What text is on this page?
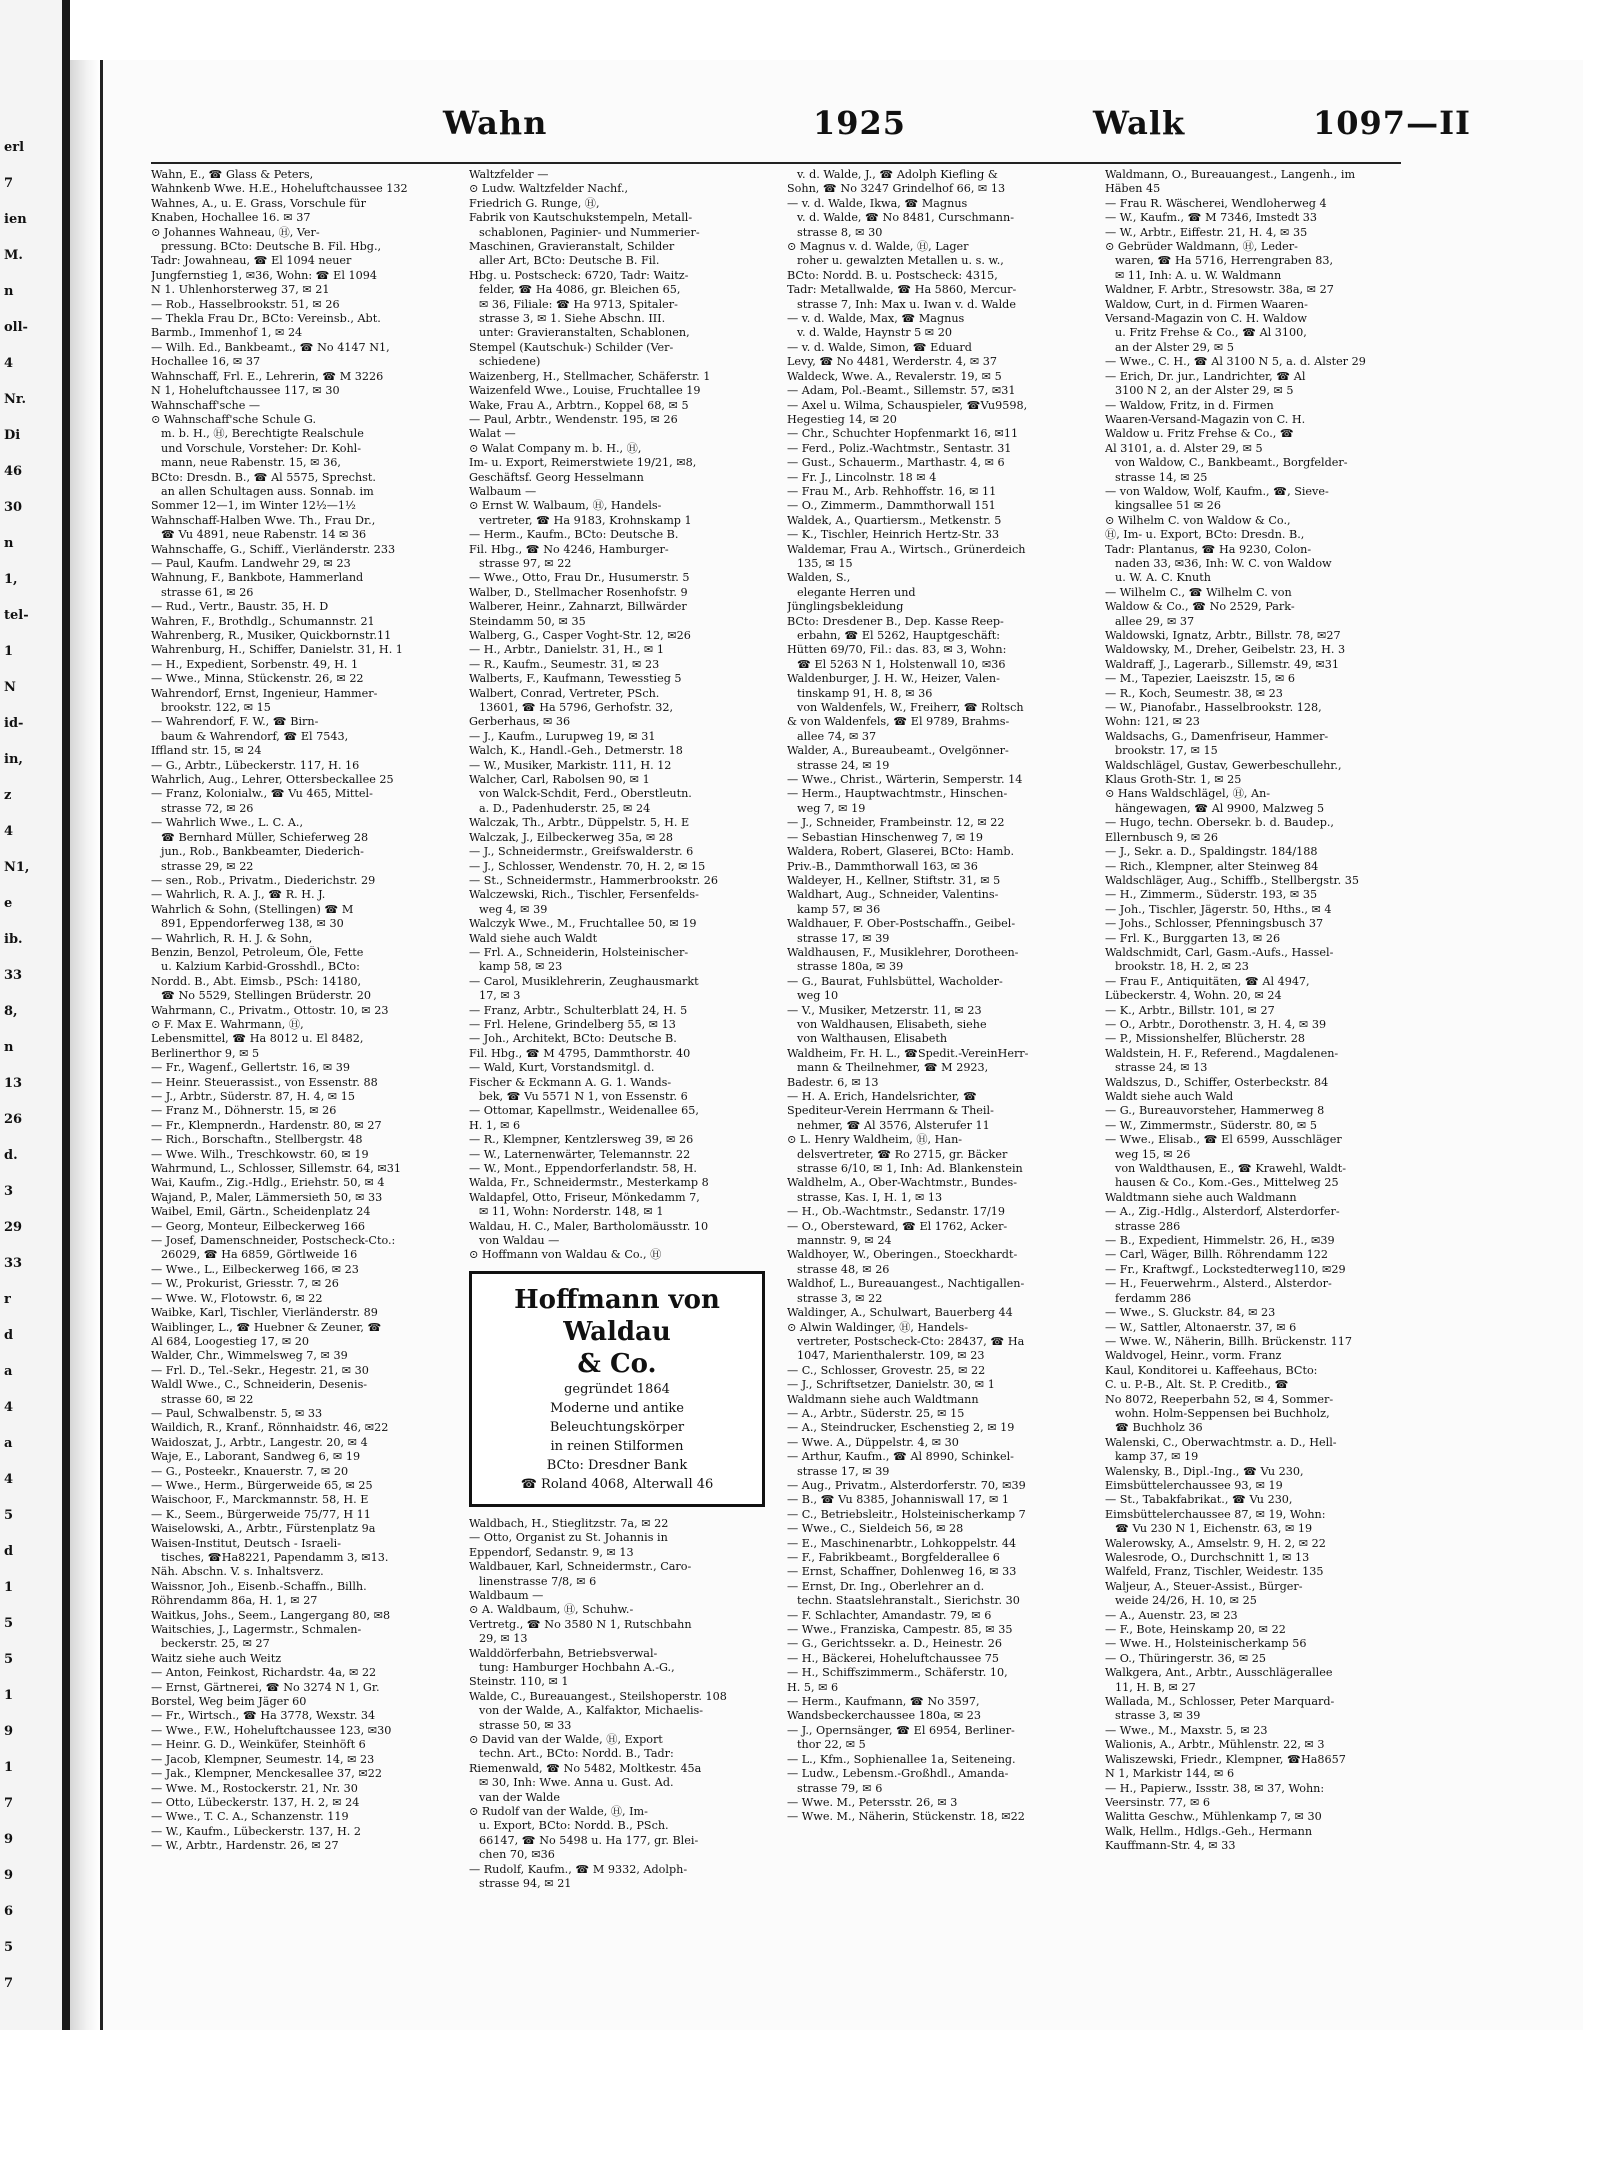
erl
7
ien
M.
n
oll-
4
Nr.
Di
46
30
n
1,
tel-
1
N
id-
in,
z
4
N1,
e
ib.
33
8,
n
13
26
d.
3
29
33
r
d
a
4
a
4
5
d
1
5
5
1
9
1
7
9
9
6
5
7
Wahn	1925	Walk	1097—II
Wahn, E., ☎ Glass & Peters,
Wahnkenb Wwe. H.E., Hoheluftchaussee 132
Wahnes, A., u. E. Grass, Vorschule für
Knaben, Hochallee 16. ✉ 37
⊙ Johannes Wahneau, Ⓗ, Ver-
pressung. BCto: Deutsche B. Fil. Hbg.,
Tadr: Jowahneau, ☎ El 1094 neuer
Jungfernstieg 1, ✉36, Wohn: ☎ El 1094
N 1. Uhlenhorsterweg 37, ✉ 21
— Rob., Hasselbrookstr. 51, ✉ 26
— Thekla Frau Dr., BCto: Vereinsb., Abt.
Barmb., Immenhof 1, ✉ 24
— Wilh. Ed., Bankbeamt., ☎ No 4147 N1,
Hochallee 16, ✉ 37
Wahnschaff, Frl. E., Lehrerin, ☎ M 3226
N 1, Hoheluftchaussee 117, ✉ 30
Wahnschaff'sche —
⊙ Wahnschaff'sche Schule G.
m. b. H., Ⓗ, Berechtigte Realschule
und Vorschule, Vorsteher: Dr. Kohl-
mann, neue Rabenstr. 15, ✉ 36,
BCto: Dresdn. B., ☎ Al 5575, Sprechst.
an allen Schultagen auss. Sonnab. im
Sommer 12—1, im Winter 12½—1½
Wahnschaff-Halben Wwe. Th., Frau Dr.,
☎ Vu 4891, neue Rabenstr. 14 ✉ 36
Wahnschaffe, G., Schiff., Vierländerstr. 233
— Paul, Kaufm. Landwehr 29, ✉ 23
Wahnung, F., Bankbote, Hammerland
strasse 61, ✉ 26
— Rud., Vertr., Baustr. 35, H. D
Wahren, F., Brothdlg., Schumannstr. 21
Wahrenberg, R., Musiker, Quickbornstr.11
Wahrenburg, H., Schiffer, Danielstr. 31, H. 1
— H., Expedient, Sorbenstr. 49, H. 1
— Wwe., Minna, Stückenstr. 26, ✉ 22
Wahrendorf, Ernst, Ingenieur, Hammer-
brookstr. 122, ✉ 15
— Wahrendorf, F. W., ☎ Birn-
baum & Wahrendorf, ☎ El 7543,
Iffland str. 15, ✉ 24
— G., Arbtr., Lübeckerstr. 117, H. 16
Wahrlich, Aug., Lehrer, Ottersbeckallee 25
— Franz, Kolonialw., ☎ Vu 465, Mittel-
strasse 72, ✉ 26
— Wahrlich Wwe., L. C. A.,
☎ Bernhard Müller, Schieferweg 28
jun., Rob., Bankbeamter, Diederich-
strasse 29, ✉ 22
— sen., Rob., Privatm., Diederichstr. 29
— Wahrlich, R. A. J., ☎ R. H. J.
Wahrlich & Sohn, (Stellingen) ☎ M
891, Eppendorferweg 138, ✉ 30
— Wahrlich, R. H. J. & Sohn,
Benzin, Benzol, Petroleum, Öle, Fette
u. Kalzium Karbid-Grosshdl., BCto:
Nordd. B., Abt. Eimsb., PSch: 14180,
☎ No 5529, Stellingen Brüderstr. 20
Wahrmann, C., Privatm., Ottostr. 10, ✉ 23
⊙ F. Max E. Wahrmann, Ⓗ,
Lebensmittel, ☎ Ha 8012 u. El 8482,
Berlinerthor 9, ✉ 5
— Fr., Wagenf., Gellertstr. 16, ✉ 39
— Heinr. Steuerassist., von Essenstr. 88
— J., Arbtr., Süderstr. 87, H. 4, ✉ 15
— Franz M., Döhnerstr. 15, ✉ 26
— Fr., Klempnerdn., Hardenstr. 80, ✉ 27
— Rich., Borschaftn., Stellbergstr. 48
— Wwe. Wilh., Treschkowstr. 60, ✉ 19
Wahrmund, L., Schlosser, Sillemstr. 64, ✉31
Wai, Kaufm., Zig.-Hdlg., Eriehstr. 50, ✉ 4
Wajand, P., Maler, Lämmersieth 50, ✉ 33
Waibel, Emil, Gärtn., Scheidenplatz 24
— Georg, Monteur, Eilbeckerweg 166
— Josef, Damenschneider, Postscheck-Cto.:
26029, ☎ Ha 6859, Görtlweide 16
— Wwe., L., Eilbeckerweg 166, ✉ 23
— W., Prokurist, Griesstr. 7, ✉ 26
— Wwe. W., Flotowstr. 6, ✉ 22
Waibke, Karl, Tischler, Vierländerstr. 89
Waiblinger, L., ☎ Huebner & Zeuner, ☎
Al 684, Loogestieg 17, ✉ 20
Walder, Chr., Wimmelsweg 7, ✉ 39
— Frl. D., Tel.-Sekr., Hegestr. 21, ✉ 30
Waldl Wwe., C., Schneiderin, Desenis-
strasse 60, ✉ 22
— Paul, Schwalbenstr. 5, ✉ 33
Waildich, R., Kranf., Rönnhaidstr. 46, ✉22
Waidoszat, J., Arbtr., Langestr. 20, ✉ 4
Waje, E., Laborant, Sandweg 6, ✉ 19
— G., Posteekr., Knauerstr. 7, ✉ 20
— Wwe., Herm., Bürgerweide 65, ✉ 25
Waischoor, F., Marckmannstr. 58, H. E
— K., Seem., Bürgerweide 75/77, H 11
Waiselowski, A., Arbtr., Fürstenplatz 9a
Waisen-Institut, Deutsch - Israeli-
tisches, ☎Ha8221, Papendamm 3, ✉13.
Näh. Abschn. V. s. Inhaltsverz.
Waissnor, Joh., Eisenb.-Schaffn., Billh.
Röhrendamm 86a, H. 1, ✉ 27
Waitkus, Johs., Seem., Langergang 80, ✉8
Waitschies, J., Lagermstr., Schmalen-
beckerstr. 25, ✉ 27
Waitz siehe auch Weitz
— Anton, Feinkost, Richardstr. 4a, ✉ 22
— Ernst, Gärtnerei, ☎ No 3274 N 1, Gr.
Borstel, Weg beim Jäger 60
— Fr., Wirtsch., ☎ Ha 3778, Wexstr. 34
— Wwe., F.W., Hoheluftchaussee 123, ✉30
— Heinr. G. D., Weinküfer, Steinhöft 6
— Jacob, Klempner, Seumestr. 14, ✉ 23
— Jak., Klempner, Menckesallee 37, ✉22
— Wwe. M., Rostockerstr. 21, Nr. 30
— Otto, Lübeckerstr. 137, H. 2, ✉ 24
— Wwe., T. C. A., Schanzenstr. 119
— W., Kaufm., Lübeckerstr. 137, H. 2
— W., Arbtr., Hardenstr. 26, ✉ 27
Waltzfelder —
⊙ Ludw. Waltzfelder Nachf.,
Friedrich G. Runge, Ⓗ,
Fabrik von Kautschukstempeln, Metall-
schablonen, Paginier- und Nummerier-
Maschinen, Gravieranstalt, Schilder
aller Art, BCto: Deutsche B. Fil.
Hbg. u. Postscheck: 6720, Tadr: Waitz-
felder, ☎ Ha 4086, gr. Bleichen 65,
✉ 36, Filiale: ☎ Ha 9713, Spitaler-
strasse 3, ✉ 1. Siehe Abschn. III.
unter: Gravieranstalten, Schablonen,
Stempel (Kautschuk-) Schilder (Ver-
schiedene)
Waizenberg, H., Stellmacher, Schäferstr. 1
Waizenfeld Wwe., Louise, Fruchtallee 19
Wake, Frau A., Arbtrn., Koppel 68, ✉ 5
— Paul, Arbtr., Wendenstr. 195, ✉ 26
Walat —
⊙ Walat Company m. b. H., Ⓗ,
Im- u. Export, Reimerstwiete 19/21, ✉8,
Geschäftsf. Georg Hesselmann
Walbaum —
⊙ Ernst W. Walbaum, Ⓗ, Handels-
vertreter, ☎ Ha 9183, Krohnskamp 1
— Herm., Kaufm., BCto: Deutsche B.
Fil. Hbg., ☎ No 4246, Hamburger-
strasse 97, ✉ 22
— Wwe., Otto, Frau Dr., Husumerstr. 5
Walber, D., Stellmacher Rosenhofstr. 9
Walberer, Heinr., Zahnarzt, Billwärder
Steindamm 50, ✉ 35
Walberg, G., Casper Voght-Str. 12, ✉26
— H., Arbtr., Danielstr. 31, H., ✉ 1
— R., Kaufm., Seumestr. 31, ✉ 23
Walberts, F., Kaufmann, Tewesstieg 5
Walbert, Conrad, Vertreter, PSch.
13601, ☎ Ha 5796, Gerhofstr. 32,
Gerberhaus, ✉ 36
— J., Kaufm., Lurupweg 19, ✉ 31
Walch, K., Handl.-Geh., Detmerstr. 18
— W., Musiker, Markistr. 111, H. 12
Walcher, Carl, Rabolsen 90, ✉ 1
von Walck-Schdit, Ferd., Oberstleutn.
a. D., Padenhuderstr. 25, ✉ 24
Walczak, Th., Arbtr., Düppelstr. 5, H. E
Walczak, J., Eilbeckerweg 35a, ✉ 28
— J., Schneidermstr., Greifswalderstr. 6
— J., Schlosser, Wendenstr. 70, H. 2, ✉ 15
— St., Schneidermstr., Hammerbrookstr. 26
Walczewski, Rich., Tischler, Fersenfelds-
weg 4, ✉ 39
Walczyk Wwe., M., Fruchtallee 50, ✉ 19
Wald siehe auch Waldt
— Frl. A., Schneiderin, Holsteinischer-
kamp 58, ✉ 23
— Carol, Musiklehrerin, Zeughausmarkt
17, ✉ 3
— Franz, Arbtr., Schulterblatt 24, H. 5
— Frl. Helene, Grindelberg 55, ✉ 13
— Joh., Architekt, BCto: Deutsche B.
Fil. Hbg., ☎ M 4795, Dammthorstr. 40
— Wald, Kurt, Vorstandsmitgl. d.
Fischer & Eckmann A. G. 1. Wands-
bek, ☎ Vu 5571 N 1, von Essenstr. 6
— Ottomar, Kapellmstr., Weidenallee 65,
H. 1, ✉ 6
— R., Klempner, Kentzlersweg 39, ✉ 26
— W., Laternenwärter, Telemannstr. 22
— W., Mont., Eppendorferlandstr. 58, H.
Walda, Fr., Schneidermstr., Mesterkamp 8
Waldapfel, Otto, Friseur, Mönkedamm 7,
✉ 11, Wohn: Norderstr. 148, ✉ 1
Waldau, H. C., Maler, Bartholomäusstr. 10
von Waldau —
⊙ Hoffmann von Waldau & Co., Ⓗ
Hoffmann von Waldau
& Co.
gegründet 1864
Moderne und antike
Beleuchtungskörper
in reinen Stilformen
BCto: Dresdner Bank
☎ Roland 4068, Alterwall 46
Waldbach, H., Stieglitzstr. 7a, ✉ 22
— Otto, Organist zu St. Johannis in
Eppendorf, Sedanstr. 9, ✉ 13
Waldbauer, Karl, Schneidermstr., Caro-
linenstrasse 7/8, ✉ 6
Waldbaum —
⊙ A. Waldbaum, Ⓗ, Schuhw.-
Vertretg., ☎ No 3580 N 1, Rutschbahn
29, ✉ 13
Walddörferbahn, Betriebsverwal-
tung: Hamburger Hochbahn A.-G.,
Steinstr. 110, ✉ 1
Walde, C., Bureauangest., Steilshoperstr. 108
von der Walde, A., Kalfaktor, Michaelis-
strasse 50, ✉ 33
⊙ David van der Walde, Ⓗ, Export
techn. Art., BCto: Nordd. B., Tadr:
Riemenwald, ☎ No 5482, Moltkestr. 45a
✉ 30, Inh: Wwe. Anna u. Gust. Ad.
van der Walde
⊙ Rudolf van der Walde, Ⓗ, Im-
u. Export, BCto: Nordd. B., PSch.
66147, ☎ No 5498 u. Ha 177, gr. Blei-
chen 70, ✉36
— Rudolf, Kaufm., ☎ M 9332, Adolph-
strasse 94, ✉ 21
v. d. Walde, J., ☎ Adolph Kiefling &
Sohn, ☎ No 3247 Grindelhof 66, ✉ 13
— v. d. Walde, Ikwa, ☎ Magnus
v. d. Walde, ☎ No 8481, Curschmann-
strasse 8, ✉ 30
⊙ Magnus v. d. Walde, Ⓗ, Lager
roher u. gewalzten Metallen u. s. w.,
BCto: Nordd. B. u. Postscheck: 4315,
Tadr: Metallwalde, ☎ Ha 5860, Mercur-
strasse 7, Inh: Max u. Iwan v. d. Walde
— v. d. Walde, Max, ☎ Magnus
v. d. Walde, Haynstr 5 ✉ 20
— v. d. Walde, Simon, ☎ Eduard
Levy, ☎ No 4481, Werderstr. 4, ✉ 37
Waldeck, Wwe. A., Revalerstr. 19, ✉ 5
— Adam, Pol.-Beamt., Sillemstr. 57, ✉31
— Axel u. Wilma, Schauspieler, ☎Vu9598,
Hegestieg 14, ✉ 20
— Chr., Schuchter Hopfenmarkt 16, ✉11
— Ferd., Poliz.-Wachtmstr., Sentastr. 31
— Gust., Schauerm., Marthastr. 4, ✉ 6
— Fr. J., Lincolnstr. 18 ✉ 4
— Frau M., Arb. Rehhoffstr. 16, ✉ 11
— O., Zimmerm., Dammthorwall 151
Waldek, A., Quartiersm., Metkenstr. 5
— K., Tischler, Heinrich Hertz-Str. 33
Waldemar, Frau A., Wirtsch., Grünerdeich
135, ✉ 15
Walden, S.,
elegante Herren und
Jünglingsbekleidung
BCto: Dresdener B., Dep. Kasse Reep-
erbahn, ☎ El 5262, Hauptgeschäft:
Hütten 69/70, Fil.: das. 83, ✉ 3, Wohn:
☎ El 5263 N 1, Holstenwall 10, ✉36
Waldenburger, J. H. W., Heizer, Valen-
tinskamp 91, H. 8, ✉ 36
von Waldenfels, W., Freiherr, ☎ Roltsch
& von Waldenfels, ☎ El 9789, Brahms-
allee 74, ✉ 37
Walder, A., Bureaubeamt., Ovelgönner-
strasse 24, ✉ 19
— Wwe., Christ., Wärterin, Semperstr. 14
— Herm., Hauptwachtmstr., Hinschen-
weg 7, ✉ 19
— J., Schneider, Frambeinstr. 12, ✉ 22
— Sebastian Hinschenweg 7, ✉ 19
Waldera, Robert, Glaserei, BCto: Hamb.
Priv.-B., Dammthorwall 163, ✉ 36
Waldeyer, H., Kellner, Stiftstr. 31, ✉ 5
Waldhart, Aug., Schneider, Valentins-
kamp 57, ✉ 36
Waldhauer, F. Ober-Postschaffn., Geibel-
strasse 17, ✉ 39
Waldhausen, F., Musiklehrer, Dorotheen-
strasse 180a, ✉ 39
— G., Baurat, Fuhlsbüttel, Wacholder-
weg 10
— V., Musiker, Metzerstr. 11, ✉ 23
von Waldhausen, Elisabeth, siehe
von Walthausen, Elisabeth
Waldheim, Fr. H. L., ☎Spedit.-VereinHerr-
mann & Theilnehmer, ☎ M 2923,
Badestr. 6, ✉ 13
— H. A. Erich, Handelsrichter, ☎
Spediteur-Verein Herrmann & Theil-
nehmer, ☎ Al 3576, Alsterufer 11
⊙ L. Henry Waldheim, Ⓗ, Han-
delsvertreter, ☎ Ro 2715, gr. Bäcker
strasse 6/10, ✉ 1, Inh: Ad. Blankenstein
Waldhelm, A., Ober-Wachtmstr., Bundes-
strasse, Kas. I, H. 1, ✉ 13
— H., Ob.-Wachtmstr., Sedanstr. 17/19
— O., Obersteward, ☎ El 1762, Acker-
mannstr. 9, ✉ 24
Waldhoyer, W., Oberingen., Stoeckhardt-
strasse 48, ✉ 26
Waldhof, L., Bureauangest., Nachtigallen-
strasse 3, ✉ 22
Waldinger, A., Schulwart, Bauerberg 44
⊙ Alwin Waldinger, Ⓗ, Handels-
vertreter, Postscheck-Cto: 28437, ☎ Ha
1047, Marienthalerstr. 109, ✉ 23
— C., Schlosser, Grovestr. 25, ✉ 22
— J., Schriftsetzer, Danielstr. 30, ✉ 1
Waldmann siehe auch Waldtmann
— A., Arbtr., Süderstr. 25, ✉ 15
— A., Steindrucker, Eschenstieg 2, ✉ 19
— Wwe. A., Düppelstr. 4, ✉ 30
— Arthur, Kaufm., ☎ Al 8990, Schinkel-
strasse 17, ✉ 39
— Aug., Privatm., Alsterdorferstr. 70, ✉39
— B., ☎ Vu 8385, Johanniswall 17, ✉ 1
— C., Betriebsleitr., Holsteinischerkamp 7
— Wwe., C., Sieldeich 56, ✉ 28
— E., Maschinenarbtr., Lohkoppelstr. 44
— F., Fabrikbeamt., Borgfelderallee 6
— Ernst, Schaffner, Dohlenweg 16, ✉ 33
— Ernst, Dr. Ing., Oberlehrer an d.
techn. Staatslehranstalt., Sierichstr. 30
— F. Schlachter, Amandastr. 79, ✉ 6
— Wwe., Franziska, Campestr. 85, ✉ 35
— G., Gerichtssekr. a. D., Heinestr. 26
— H., Bäckerei, Hoheluftchaussee 75
— H., Schiffszimmerm., Schäferstr. 10,
H. 5, ✉ 6
— Herm., Kaufmann, ☎ No 3597,
Wandsbeckerchaussee 180a, ✉ 23
— J., Opernsänger, ☎ El 6954, Berliner-
thor 22, ✉ 5
— L., Kfm., Sophienallee 1a, Seiteneing.
— Ludw., Lebensm.-Großhdl., Amanda-
strasse 79, ✉ 6
— Wwe. M., Petersstr. 26, ✉ 3
— Wwe. M., Näherin, Stückenstr. 18, ✉22
Waldmann, O., Bureauangest., Langenh., im
Häben 45
— Frau R. Wäscherei, Wendloherweg 4
— W., Kaufm., ☎ M 7346, Imstedt 33
— W., Arbtr., Eiffestr. 21, H. 4, ✉ 35
⊙ Gebrüder Waldmann, Ⓗ, Leder-
waren, ☎ Ha 5716, Herrengraben 83,
✉ 11, Inh: A. u. W. Waldmann
Waldner, F. Arbtr., Stresowstr. 38a, ✉ 27
Waldow, Curt, in d. Firmen Waaren-
Versand-Magazin von C. H. Waldow
u. Fritz Frehse & Co., ☎ Al 3100,
an der Alster 29, ✉ 5
— Wwe., C. H., ☎ Al 3100 N 5, a. d. Alster 29
— Erich, Dr. jur., Landrichter, ☎ Al
3100 N 2, an der Alster 29, ✉ 5
— Waldow, Fritz, in d. Firmen
Waaren-Versand-Magazin von C. H.
Waldow u. Fritz Frehse & Co., ☎
Al 3101, a. d. Alster 29, ✉ 5
von Waldow, C., Bankbeamt., Borgfelder-
strasse 14, ✉ 25
— von Waldow, Wolf, Kaufm., ☎, Sieve-
kingsallee 51 ✉ 26
⊙ Wilhelm C. von Waldow & Co.,
Ⓗ, Im- u. Export, BCto: Dresdn. B.,
Tadr: Plantanus, ☎ Ha 9230, Colon-
naden 33, ✉36, Inh: W. C. von Waldow
u. W. A. C. Knuth
— Wilhelm C., ☎ Wilhelm C. von
Waldow & Co., ☎ No 2529, Park-
allee 29, ✉ 37
Waldowski, Ignatz, Arbtr., Billstr. 78, ✉27
Waldowsky, M., Dreher, Geibelstr. 23, H. 3
Waldraff, J., Lagerarb., Sillemstr. 49, ✉31
— M., Tapezier, Laeiszstr. 15, ✉ 6
— R., Koch, Seumestr. 38, ✉ 23
— W., Pianofabr., Hasselbrookstr. 128,
Wohn: 121, ✉ 23
Waldsachs, G., Damenfriseur, Hammer-
brookstr. 17, ✉ 15
Waldschlägel, Gustav, Gewerbeschullehr.,
Klaus Groth-Str. 1, ✉ 25
⊙ Hans Waldschlägel, Ⓗ, An-
hängewagen, ☎ Al 9900, Malzweg 5
— Hugo, techn. Obersekr. b. d. Baudep.,
Ellernbusch 9, ✉ 26
— J., Sekr. a. D., Spaldingstr. 184/188
— Rich., Klempner, alter Steinweg 84
Waldschläger, Aug., Schiffb., Stellbergstr. 35
— H., Zimmerm., Süderstr. 193, ✉ 35
— Joh., Tischler, Jägerstr. 50, Hths., ✉ 4
— Johs., Schlosser, Pfenningsbusch 37
— Frl. K., Burggarten 13, ✉ 26
Waldschmidt, Carl, Gasm.-Aufs., Hassel-
brookstr. 18, H. 2, ✉ 23
— Frau F., Antiquitäten, ☎ Al 4947,
Lübeckerstr. 4, Wohn. 20, ✉ 24
— K., Arbtr., Billstr. 101, ✉ 27
— O., Arbtr., Dorothenstr. 3, H. 4, ✉ 39
— P., Missionshelfer, Blücherstr. 28
Waldstein, H. F., Referend., Magdalenen-
strasse 24, ✉ 13
Waldszus, D., Schiffer, Osterbeckstr. 84
Waldt siehe auch Wald
— G., Bureauvorsteher, Hammerweg 8
— W., Zimmermstr., Süderstr. 80, ✉ 5
— Wwe., Elisab., ☎ El 6599, Ausschläger
weg 15, ✉ 26
von Waldthausen, E., ☎ Krawehl, Waldt-
hausen & Co., Kom.-Ges., Mittelweg 25
Waldtmann siehe auch Waldmann
— A., Zig.-Hdlg., Alsterdorf, Alsterdorfer-
strasse 286
— B., Expedient, Himmelstr. 26, H., ✉39
— Carl, Wäger, Billh. Röhrendamm 122
— Fr., Kraftwgf., Lockstedterweg110, ✉29
— H., Feuerwehrm., Alsterd., Alsterdor-
ferdamm 286
— Wwe., S. Gluckstr. 84, ✉ 23
— W., Sattler, Altonaerstr. 37, ✉ 6
— Wwe. W., Näherin, Billh. Brückenstr. 117
Waldvogel, Heinr., vorm. Franz
Kaul, Konditorei u. Kaffeehaus, BCto:
C. u. P.-B., Alt. St. P. Creditb., ☎
No 8072, Reeperbahn 52, ✉ 4, Sommer-
wohn. Holm-Seppensen bei Buchholz,
☎ Buchholz 36
Walenski, C., Oberwachtmstr. a. D., Hell-
kamp 37, ✉ 19
Walensky, B., Dipl.-Ing., ☎ Vu 230,
Eimsbüttelerchaussee 93, ✉ 19
— St., Tabakfabrikat., ☎ Vu 230,
Eimsbüttelerchaussee 87, ✉ 19, Wohn:
☎ Vu 230 N 1, Eichenstr. 63, ✉ 19
Walerowsky, A., Amselstr. 9, H. 2, ✉ 22
Walesrode, O., Durchschnitt 1, ✉ 13
Walfeld, Franz, Tischler, Weidestr. 135
Waljeur, A., Steuer-Assist., Bürger-
weide 24/26, H. 10, ✉ 25
— A., Auenstr. 23, ✉ 23
— F., Bote, Heinskamp 20, ✉ 22
— Wwe. H., Holsteinischerkamp 56
— O., Thüringerstr. 36, ✉ 25
Walkgera, Ant., Arbtr., Ausschlägerallee
11, H. B, ✉ 27
Wallada, M., Schlosser, Peter Marquard-
strasse 3, ✉ 39
— Wwe., M., Maxstr. 5, ✉ 23
Walionis, A., Arbtr., Mühlenstr. 22, ✉ 3
Waliszewski, Friedr., Klempner, ☎Ha8657
N 1, Markistr 144, ✉ 6
— H., Papierw., Issstr. 38, ✉ 37, Wohn:
Veersinstr. 77, ✉ 6
Walitta Geschw., Mühlenkamp 7, ✉ 30
Walk, Hellm., Hdlgs.-Geh., Hermann
Kauffmann-Str. 4, ✉ 33
